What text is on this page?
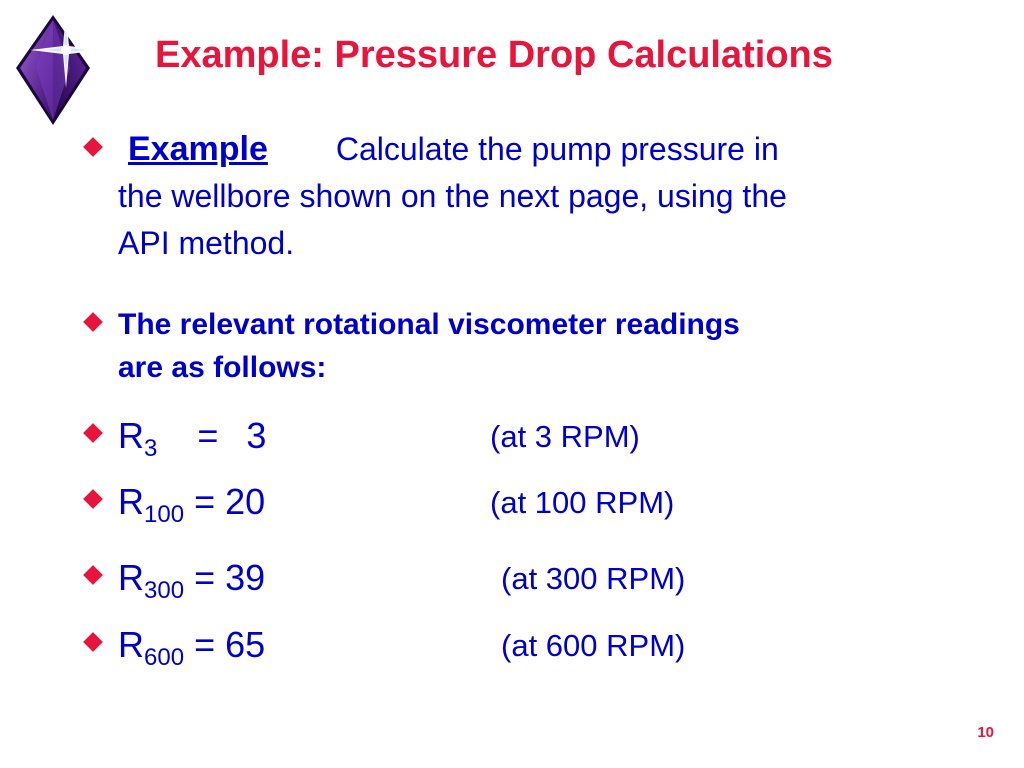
Example: Pressure Drop Calculations
Example Calculate the pump pressure in
the wellbore shown on the next page, using the
API method.
The relevant rotational viscometer readings
are as follows:
$R_3 = 3$	(at 3 RPM)
$R_{100} = 20$	(at 100 RPM)
$R_{300} = 39$	(at 300 RPM)
$R_{600} = 65$	(at 600 RPM)
10
